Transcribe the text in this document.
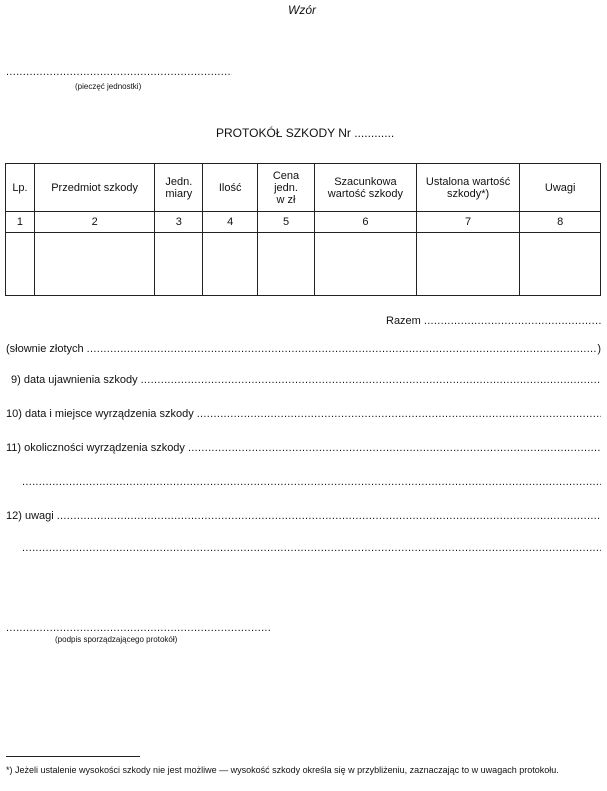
Wzór
.....
(pieczęć jednostki)
PROTOKÓŁ SZKODY Nr ............
Lp.	Przedmiot szkody	Jedn. miary	Ilość	Cena jedn. w zł	Szacunkowa wartość szkody	Ustalona wartość szkody*)	Uwagi
1	2	3	4	5	6	7	8

Razem
.....
(słownie złotych .....	)
9) data ujawnienia szkody
.....
10) data i miejsce wyrządzenia szkody
.....
11) okoliczności wyrządzenia szkody
.....
.....
12) uwagi
.....
.....
.....
(podpis sporządzającego protokół)
*) Jeżeli ustalenie wysokości szkody nie jest możliwe — wysokość szkody określa się w przybliżeniu, zaznaczając to w uwagach protokołu.
